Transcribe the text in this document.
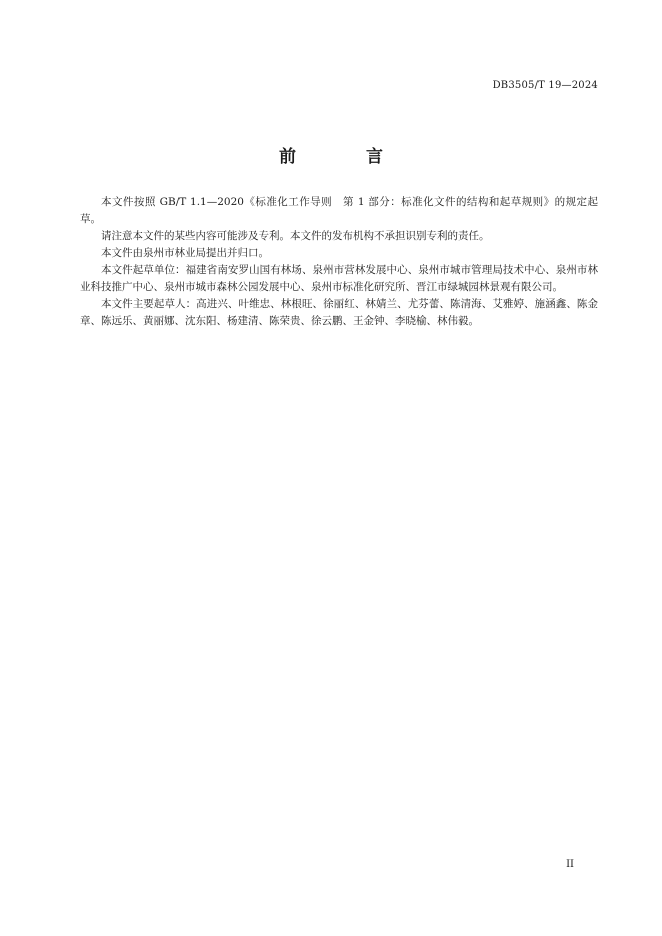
DB3505/T 19—2024
前 言

本文件按照 GB/T 1.1—2020《标准化工作导则　第 1 部分：标准化文件的结构和起草规则》的规定起草。

请注意本文件的某些内容可能涉及专利。本文件的发布机构不承担识别专利的责任。

本文件由泉州市林业局提出并归口。

本文件起草单位：福建省南安罗山国有林场、泉州市营林发展中心、泉州市城市管理局技术中心、泉州市林业科技推广中心、泉州市城市森林公园发展中心、泉州市标准化研究所、晋江市绿城园林景观有限公司。

本文件主要起草人：高进兴、叶维忠、林根旺、徐丽红、林婧兰、尤芬蕾、陈清海、艾雅婷、施涵鑫、陈金章、陈远乐、黄丽娜、沈东阳、杨建清、陈荣贵、徐云鹏、王金钟、李晓榆、林伟毅。

II
